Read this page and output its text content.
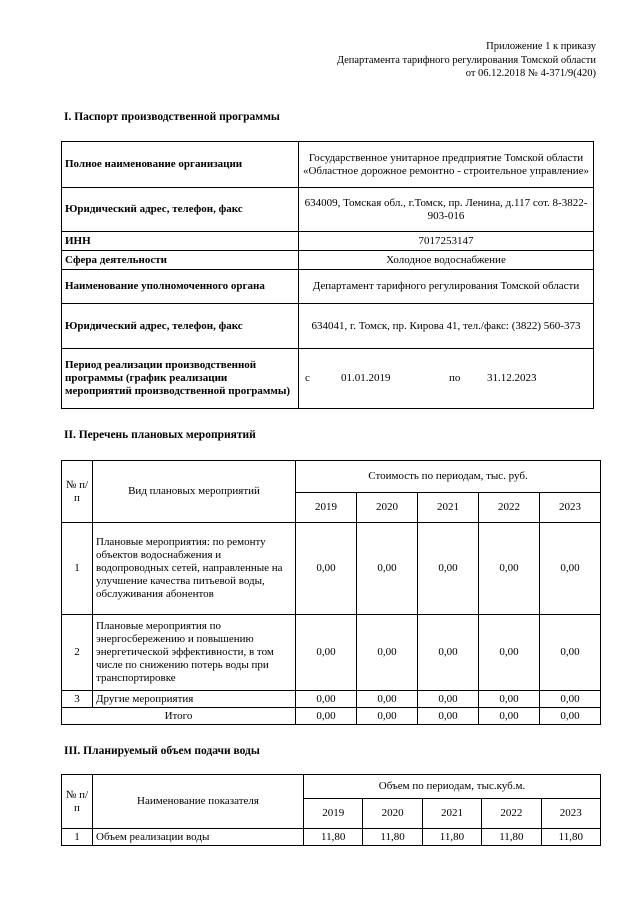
Приложение 1 к приказу
Департамента тарифного регулирования Томской области
от 06.12.2018 № 4-371/9(420)
I. Паспорт производственной программы
Полное наименование организации	Государственное унитарное предприятие Томской области «Областное дорожное ремонтно - строительное управление»
Юридический адрес, телефон, факс	634009, Томская обл., г.Томск, пр. Ленина, д.117 сот. 8-3822-903-016
ИНН	7017253147
Сфера деятельности	Холодное водоснабжение
Наименование уполномоченного органа	Департамент тарифного регулирования Томской области
Юридический адрес, телефон, факс	634041, г. Томск, пр. Кирова 41, тел./факс: (3822) 560-373
Период реализации производственной программы (график реализации мероприятий производственной программы)	с 01.01.2019 по 31.12.2023
II. Перечень плановых мероприятий
№ п/п	Вид плановых мероприятий	Стоимость по периодам, тыс. руб.				
		2019	2020	2021	2022	2023
1	Плановые мероприятия: по ремонту объектов водоснабжения и водопроводных сетей, направленные на улучшение качества питьевой воды, обслуживания абонентов	0,00	0,00	0,00	0,00	0,00
2	Плановые мероприятия по энергосбережению и повышению энергетической эффективности, в том числе по снижению потерь воды при транспортировке	0,00	0,00	0,00	0,00	0,00
3	Другие мероприятия	0,00	0,00	0,00	0,00	0,00
Итого		0,00	0,00	0,00	0,00	0,00
III. Планируемый объем подачи воды
№ п/п	Наименование показателя	Объем по периодам, тыс.куб.м.				
		2019	2020	2021	2022	2023
1	Объем реализации воды	11,80	11,80	11,80	11,80	11,80
